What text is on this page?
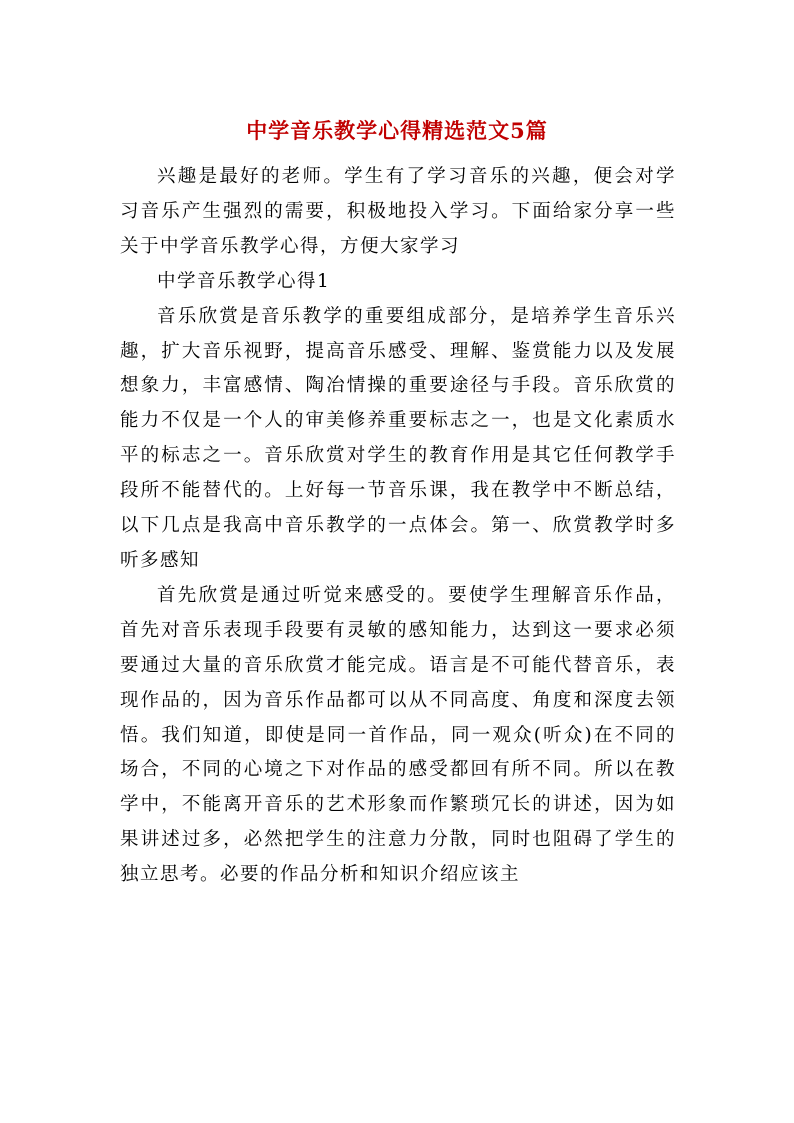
中学音乐教学心得精选范文5篇

兴趣是最好的老师。学生有了学习音乐的兴趣，便会对学习音乐产生强烈的需要，积极地投入学习。下面给家分享一些关于中学音乐教学心得，方便大家学习

中学音乐教学心得1

音乐欣赏是音乐教学的重要组成部分，是培养学生音乐兴趣，扩大音乐视野，提高音乐感受、理解、鉴赏能力以及发展想象力，丰富感情、陶冶情操的重要途径与手段。音乐欣赏的能力不仅是一个人的审美修养重要标志之一，也是文化素质水平的标志之一。音乐欣赏对学生的教育作用是其它任何教学手段所不能替代的。上好每一节音乐课，我在教学中不断总结，以下几点是我高中音乐教学的一点体会。第一、欣赏教学时多听多感知

首先欣赏是通过听觉来感受的。要使学生理解音乐作品，首先对音乐表现手段要有灵敏的感知能力，达到这一要求必须要通过大量的音乐欣赏才能完成。语言是不可能代替音乐，表现作品的，因为音乐作品都可以从不同高度、角度和深度去领悟。我们知道，即使是同一首作品，同一观众(听众)在不同的场合，不同的心境之下对作品的感受都回有所不同。所以在教学中，不能离开音乐的艺术形象而作繁琐冗长的讲述，因为如果讲述过多，必然把学生的注意力分散，同时也阻碍了学生的独立思考。必要的作品分析和知识介绍应该主
